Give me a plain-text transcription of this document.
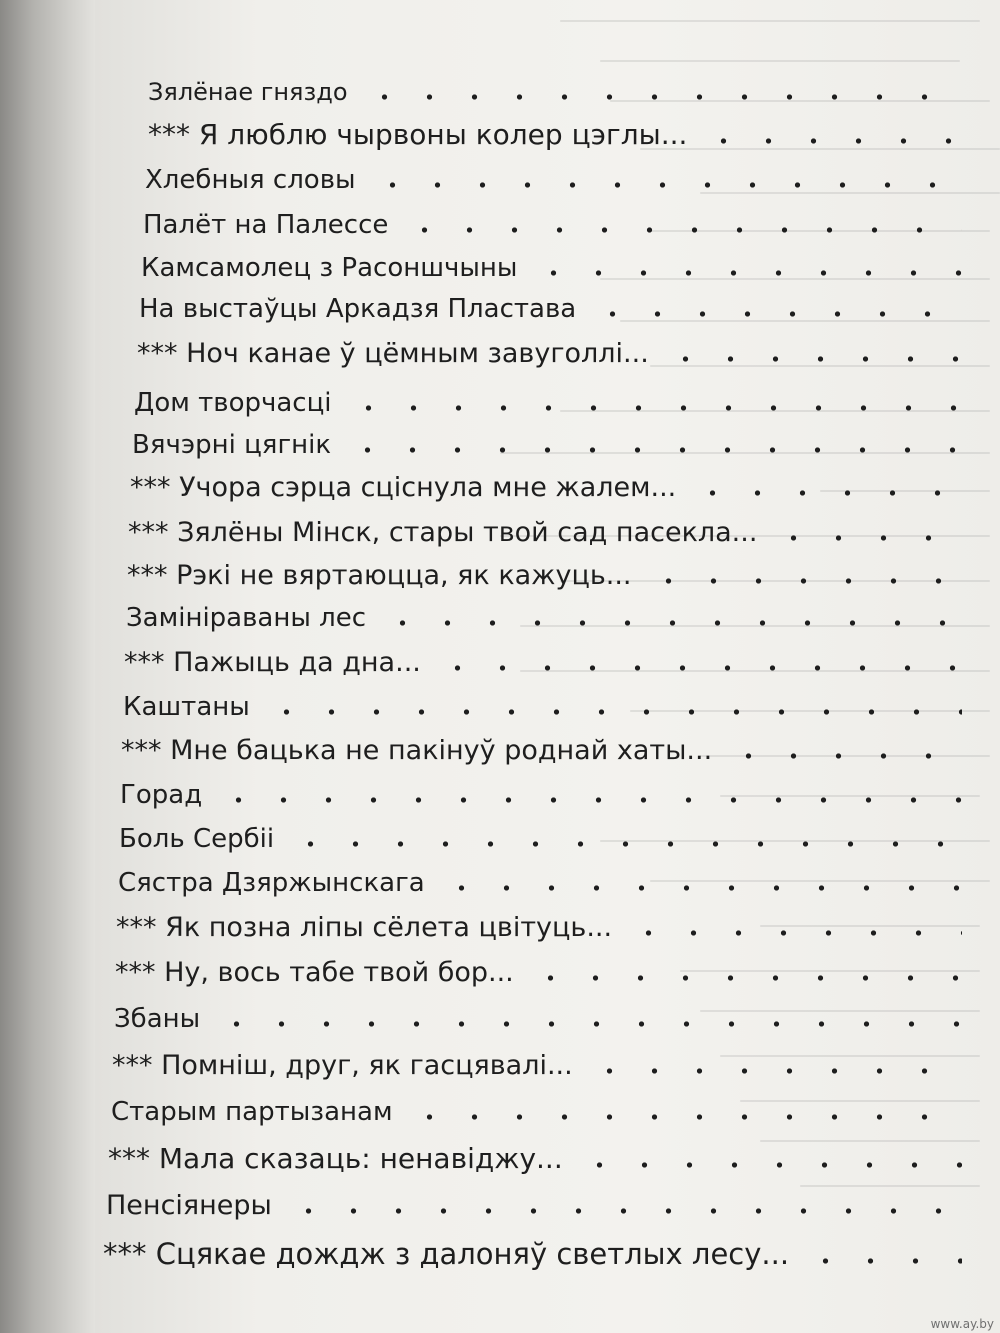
Зялёнае гняздо
*** Я люблю чырвоны колер цэглы...
Хлебныя словы
Палёт на Палессе
Камсамолец з Расоншчыны
На выстаўцы Аркадзя Пластава
*** Ноч канае ў цёмным завуголлі...
Дом творчасці
Вячэрні цягнік
*** Учора сэрца сціснула мне жалем...
*** Зялёны Мінск, стары твой сад пасекла...
*** Рэкі не вяртаюцца, як кажуць...
Замініраваны лес
*** Пажыць да дна...
Каштаны
*** Мне бацька не пакінуў роднай хаты...
Горад
Боль Сербіі
Сястра Дзяржынскага
*** Як позна ліпы сёлета цвітуць...
*** Ну, вось табе твой бор...
Збаны
*** Помніш, друг, як гасцявалі...
Старым партызанам
*** Мала сказаць: ненавіджу...
Пенсіянеры
*** Сцякае дождж з далоняў светлых лесу...
www.ay.by
